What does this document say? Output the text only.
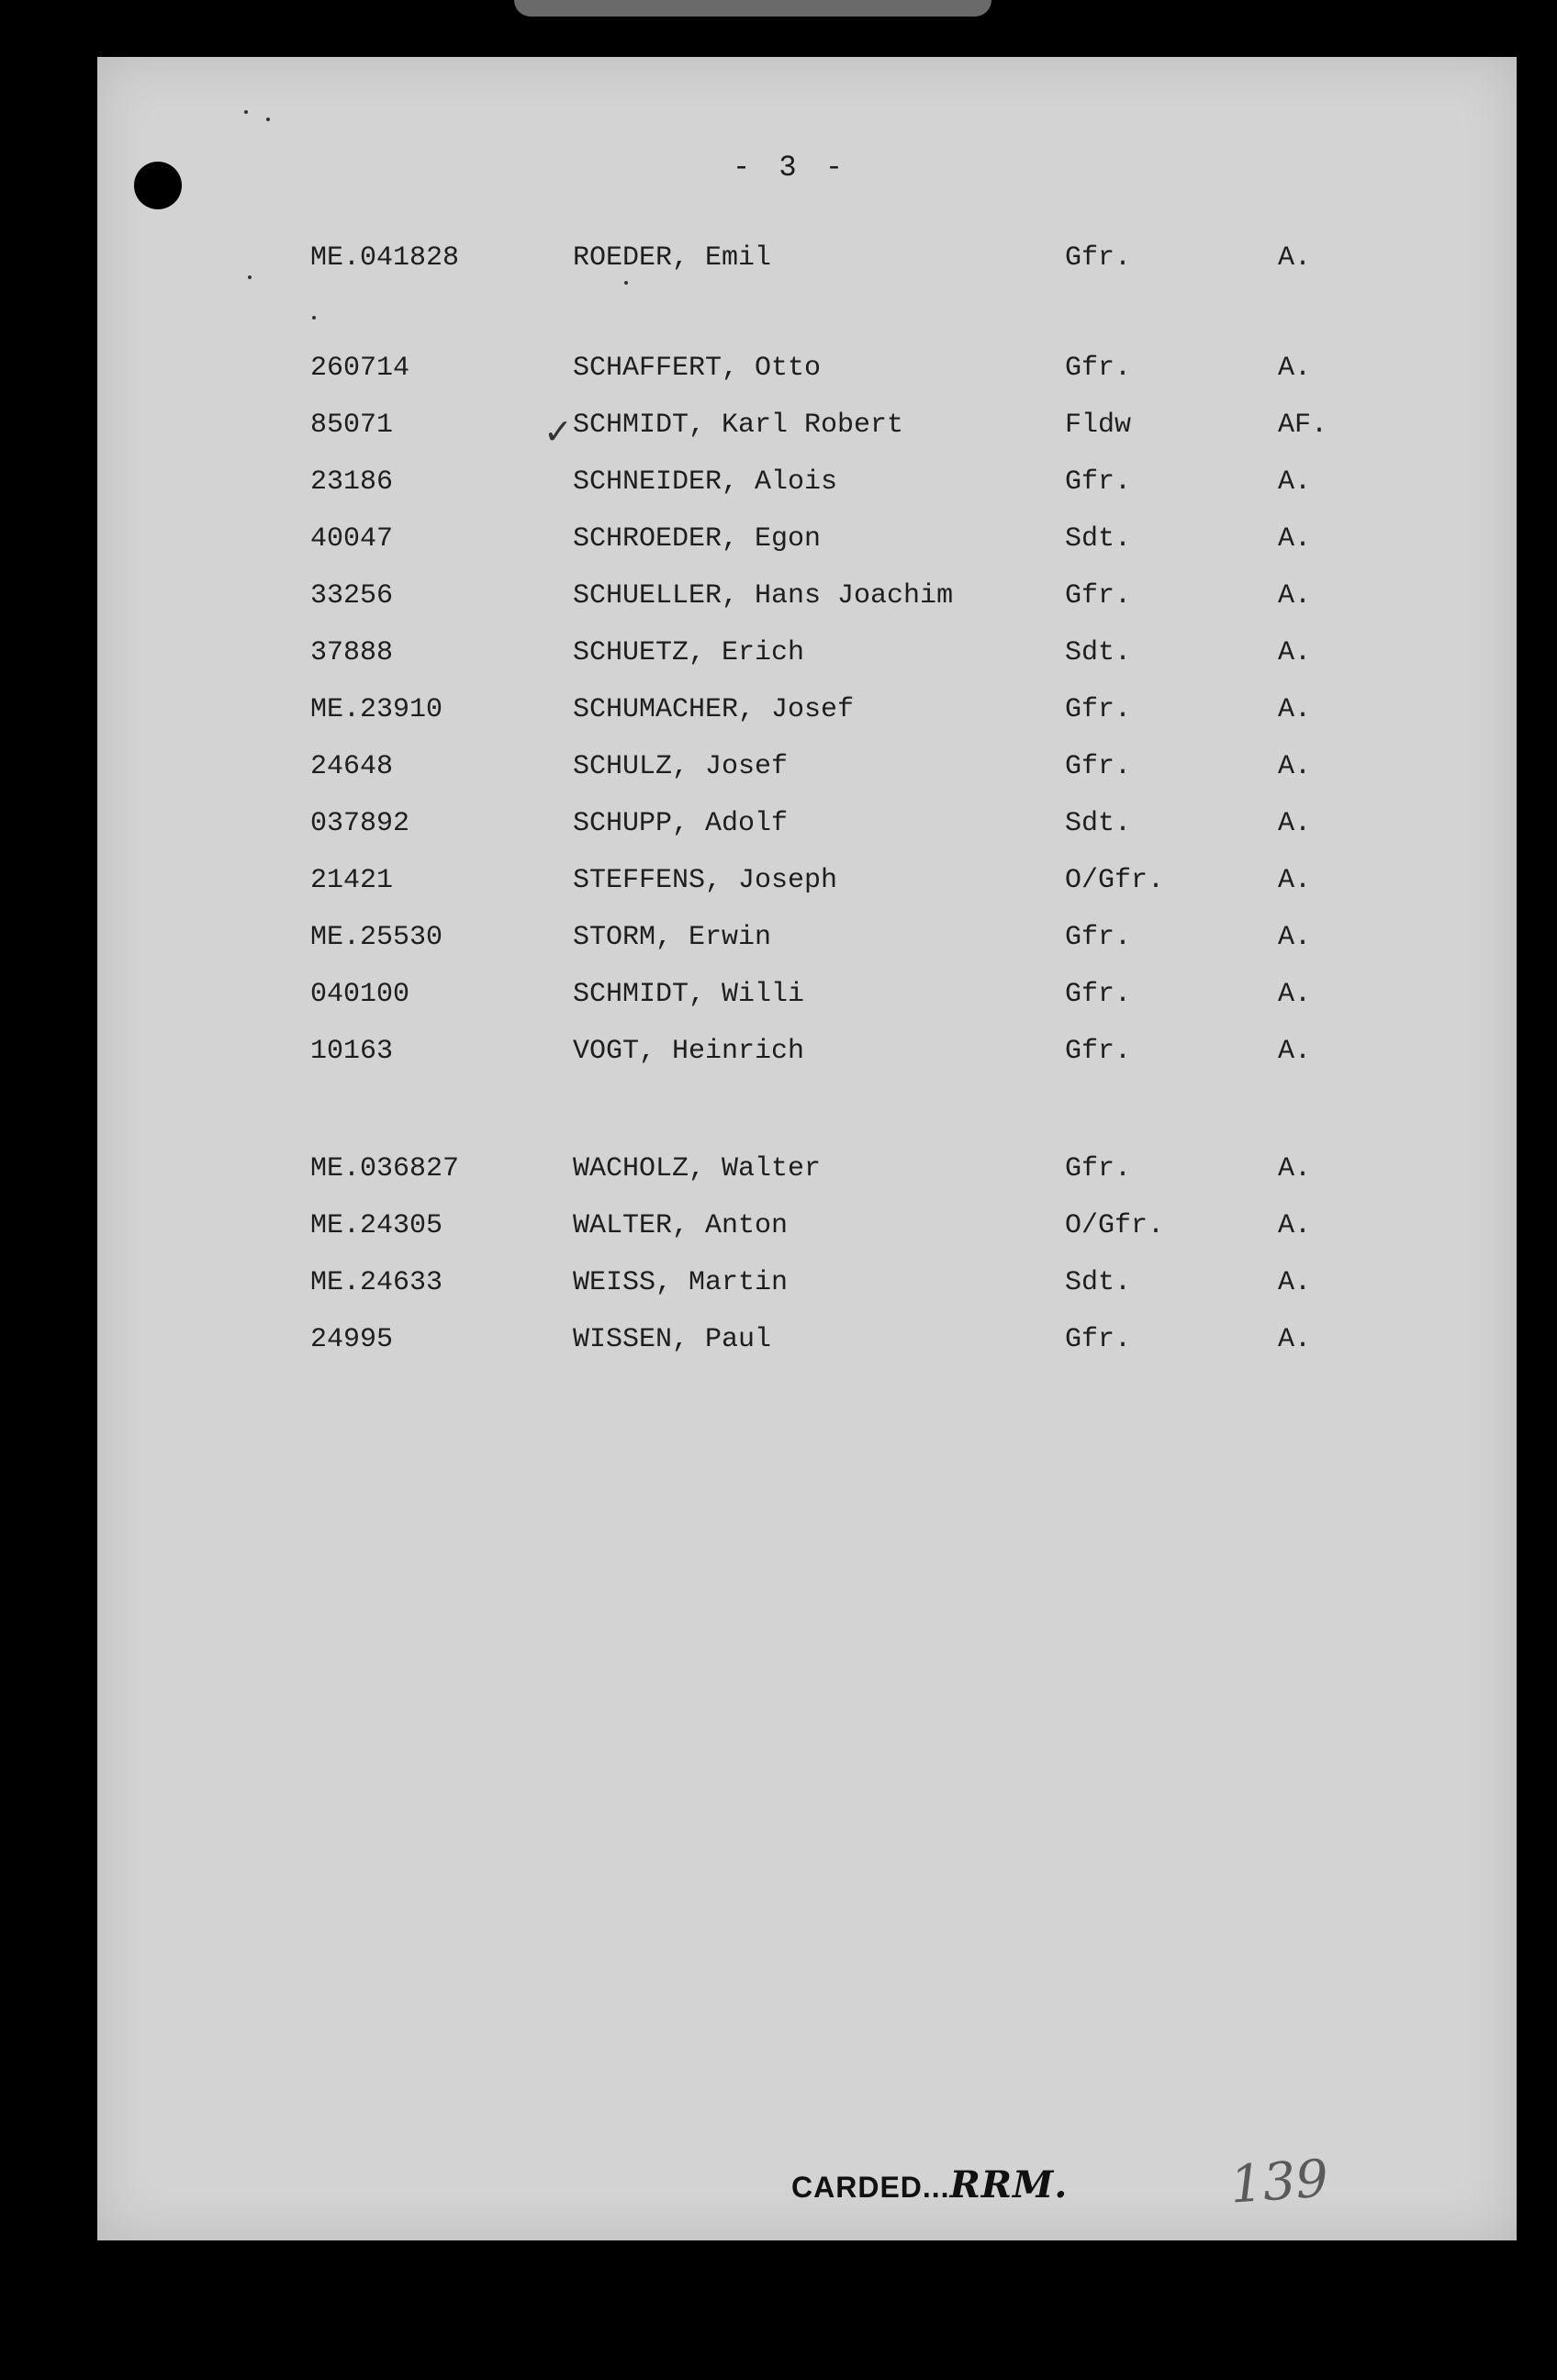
- 3 -
ME.041828	ROEDER, Emil	Gfr.	A.
260714	SCHAFFERT, Otto	Gfr.	A.
85071	SCHMIDT, Karl Robert	Fldw	AF.
23186	SCHNEIDER, Alois	Gfr.	A.
40047	SCHROEDER, Egon	Sdt.	A.
33256	SCHUELLER, Hans Joachim	Gfr.	A.
37888	SCHUETZ, Erich	Sdt.	A.
ME.23910	SCHUMACHER, Josef	Gfr.	A.
24648	SCHULZ, Josef	Gfr.	A.
037892	SCHUPP, Adolf	Sdt.	A.
21421	STEFFENS, Joseph	O/Gfr.	A.
ME.25530	STORM, Erwin	Gfr.	A.
040100	SCHMIDT, Willi	Gfr.	A.
10163	VOGT, Heinrich	Gfr.	A.
ME.036827	WACHOLZ, Walter	Gfr.	A.
ME.24305	WALTER, Anton	O/Gfr.	A.
ME.24633	WEISS, Martin	Sdt.	A.
24995	WISSEN, Paul	Gfr.	A.
✓
CARDED...RRM.	139
